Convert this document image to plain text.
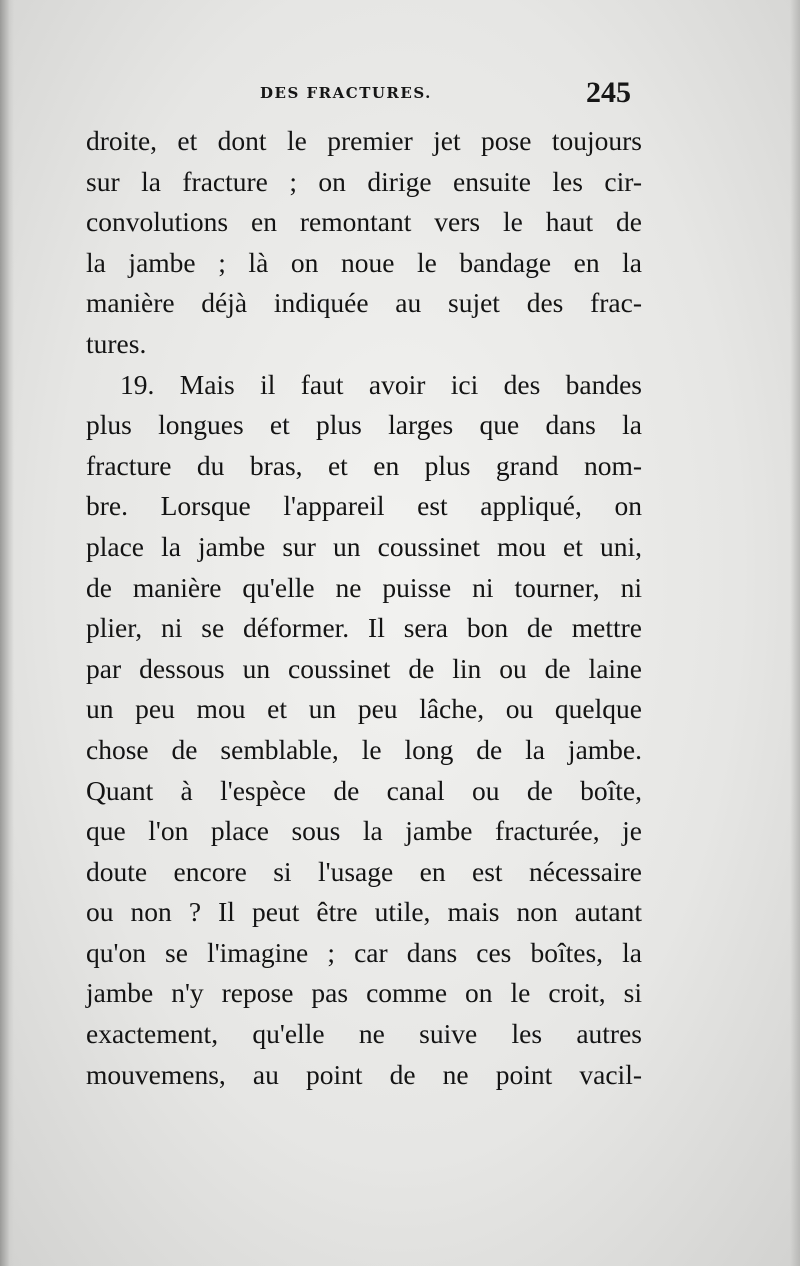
DES FRACTURES.	245
droite, et dont le premier jet pose toujours
sur la fracture ; on dirige ensuite les cir-
convolutions en remontant vers le haut de
la jambe ; là on noue le bandage en la
manière déjà indiquée au sujet des frac-
tures.
19. Mais il faut avoir ici des bandes
plus longues et plus larges que dans la
fracture du bras, et en plus grand nom-
bre. Lorsque l'appareil est appliqué, on
place la jambe sur un coussinet mou et uni,
de manière qu'elle ne puisse ni tourner, ni
plier, ni se déformer. Il sera bon de mettre
par dessous un coussinet de lin ou de laine
un peu mou et un peu lâche, ou quelque
chose de semblable, le long de la jambe.
Quant à l'espèce de canal ou de boîte,
que l'on place sous la jambe fracturée, je
doute encore si l'usage en est nécessaire
ou non ? Il peut être utile, mais non autant
qu'on se l'imagine ; car dans ces boîtes, la
jambe n'y repose pas comme on le croit, si
exactement, qu'elle ne suive les autres
mouvemens, au point de ne point vacil-
